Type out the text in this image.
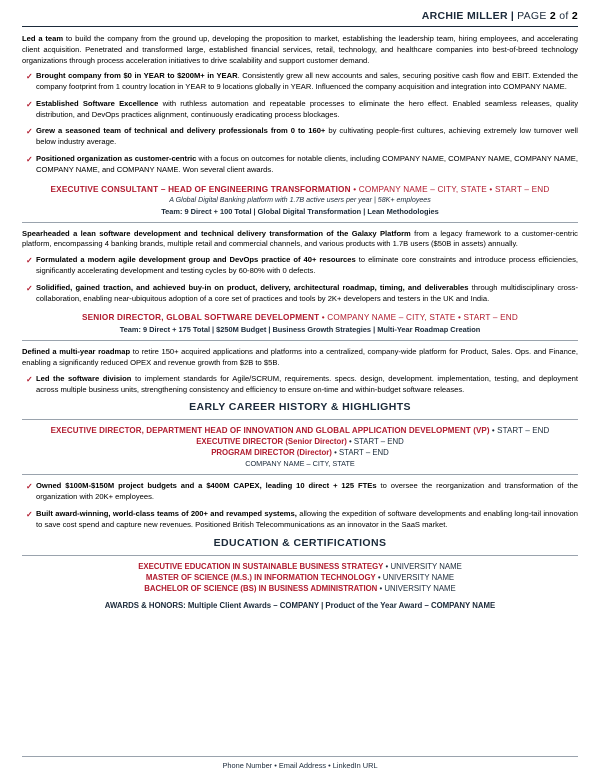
ARCHIE MILLER | PAGE 2 of 2

Led a team to build the company from the ground up, developing the proposition to market, establishing the leadership team, hiring employees, and accelerating client acquisition. Penetrated and transformed large, established financial services, retail, technology, and healthcare companies into best-of-breed technology organizations through process acceleration initiatives to drive scalability and support customer demand.

✓ Brought company from $0 in YEAR to $200M+ in YEAR. Consistently grew all new accounts and sales, securing positive cash flow and EBIT. Extended the company footprint from 1 country location in YEAR to 9 locations globally in YEAR. Influenced the company acquisition and integration into COMPANY NAME.
✓ Established Software Excellence with ruthless automation and repeatable processes to eliminate the hero effect. Enabled seamless releases, quality distribution, and DevOps practices alignment, continuously eradicating process blockages.
✓ Grew a seasoned team of technical and delivery professionals from 0 to 160+ by cultivating people-first cultures, achieving extremely low turnover well below industry average.
✓ Positioned organization as customer-centric with a focus on outcomes for notable clients, including COMPANY NAME, COMPANY NAME, COMPANY NAME, COMPANY NAME, and COMPANY NAME. Won several client awards.
EXECUTIVE CONSULTANT – HEAD OF ENGINEERING TRANSFORMATION • COMPANY NAME – CITY, STATE • START – END
A Global Digital Banking platform with 1.7B active users per year | 58K+ employees
Team: 9 Direct + 100 Total | Global Digital Transformation | Lean Methodologies

Spearheaded a lean software development and technical delivery transformation of the Galaxy Platform from a legacy framework to a customer-centric platform, encompassing 4 banking brands, multiple retail and commercial channels, and various products with 1.7B users ($50B in assets) annually.

✓ Formulated a modern agile development group and DevOps practice of 40+ resources to eliminate core constraints and introduce process efficiencies, significantly accelerating development and testing cycles by 60-80% with 0 defects.
✓ Solidified, gained traction, and achieved buy-in on product, delivery, architectural roadmap, timing, and deliverables through multidisciplinary cross-collaboration, enabling near-ubiquitous adoption of a core set of practices and tools by 2K+ developers and testers in the UK and India.
SENIOR DIRECTOR, GLOBAL SOFTWARE DEVELOPMENT • COMPANY NAME – CITY, STATE • START – END
Team: 9 Direct + 175 Total | $250M Budget | Business Growth Strategies | Multi-Year Roadmap Creation

Defined a multi-year roadmap to retire 150+ acquired applications and platforms into a centralized, company-wide platform for Product, Sales. Ops. and Finance, enabling a significantly reduced OPEX and revenue growth from $2B to $5B.

✓ Led the software division to implement standards for Agile/SCRUM, requirements. specs. design, development. implementation, testing, and deployment across multiple business units, strengthening consistency and efficiency to ensure on-time and within-budget software releases.
EARLY CAREER HISTORY & HIGHLIGHTS
EXECUTIVE DIRECTOR, DEPARTMENT HEAD OF INNOVATION AND GLOBAL APPLICATION DEVELOPMENT (VP) • START – END
EXECUTIVE DIRECTOR (Senior Director) • START – END
PROGRAM DIRECTOR (Director) • START – END
COMPANY NAME – CITY, STATE
✓ Owned $100M-$150M project budgets and a $400M CAPEX, leading 10 direct + 125 FTEs to oversee the reorganization and transformation of the organization with 20K+ employees.
✓ Built award-winning, world-class teams of 200+ and revamped systems, allowing the expedition of software developments and enabling long-tail innovation to save cost spend and capture new revenues. Positioned British Telecommunications as an innovator in the SaaS market.
EDUCATION & CERTIFICATIONS
EXECUTIVE EDUCATION IN SUSTAINABLE BUSINESS STRATEGY • UNIVERSITY NAME
MASTER OF SCIENCE (M.S.) IN INFORMATION TECHNOLOGY • UNIVERSITY NAME
BACHELOR OF SCIENCE (BS) IN BUSINESS ADMINISTRATION • UNIVERSITY NAME
AWARDS & HONORS: Multiple Client Awards – COMPANY | Product of the Year Award – COMPANY NAME
Phone Number • Email Address • LinkedIn URL
